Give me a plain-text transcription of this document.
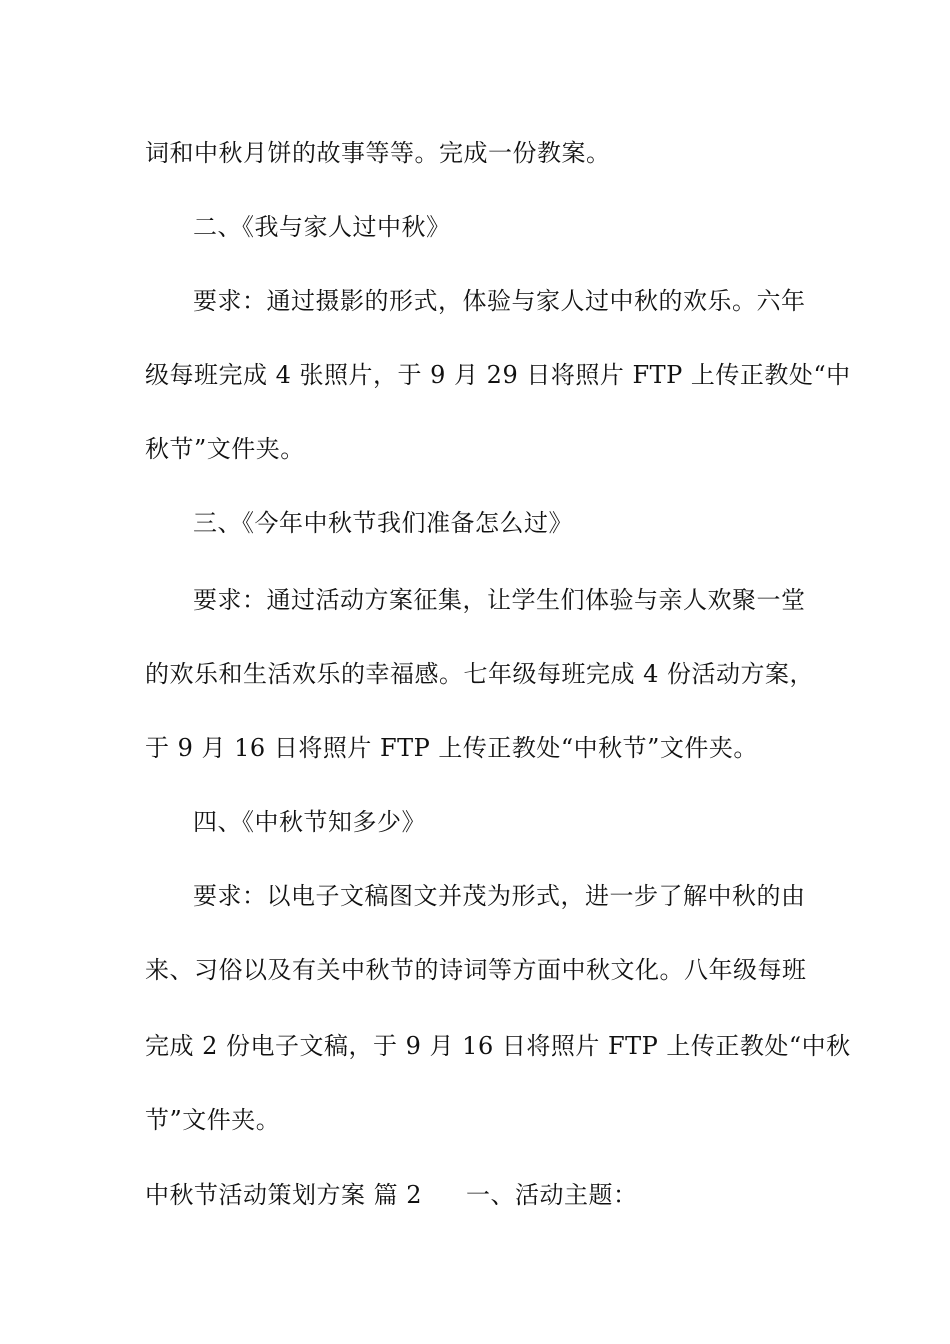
词和中秋月饼的故事等等。完成一份教案。
二、《我与家人过中秋》
要求：通过摄影的形式，体验与家人过中秋的欢乐。六年
级每班完成 4 张照片，于 9 月 29 日将照片 FTP 上传正教处“中
秋节”文件夹。
三、《今年中秋节我们准备怎么过》
要求：通过活动方案征集，让学生们体验与亲人欢聚一堂
的欢乐和生活欢乐的幸福感。七年级每班完成 4 份活动方案，
于 9 月 16 日将照片 FTP 上传正教处“中秋节”文件夹。
四、《中秋节知多少》
要求：以电子文稿图文并茂为形式，进一步了解中秋的由
来、习俗以及有关中秋节的诗词等方面中秋文化。八年级每班
完成 2 份电子文稿，于 9 月 16 日将照片 FTP 上传正教处“中秋
节”文件夹。
中秋节活动策划方案 篇 2 一、活动主题：
